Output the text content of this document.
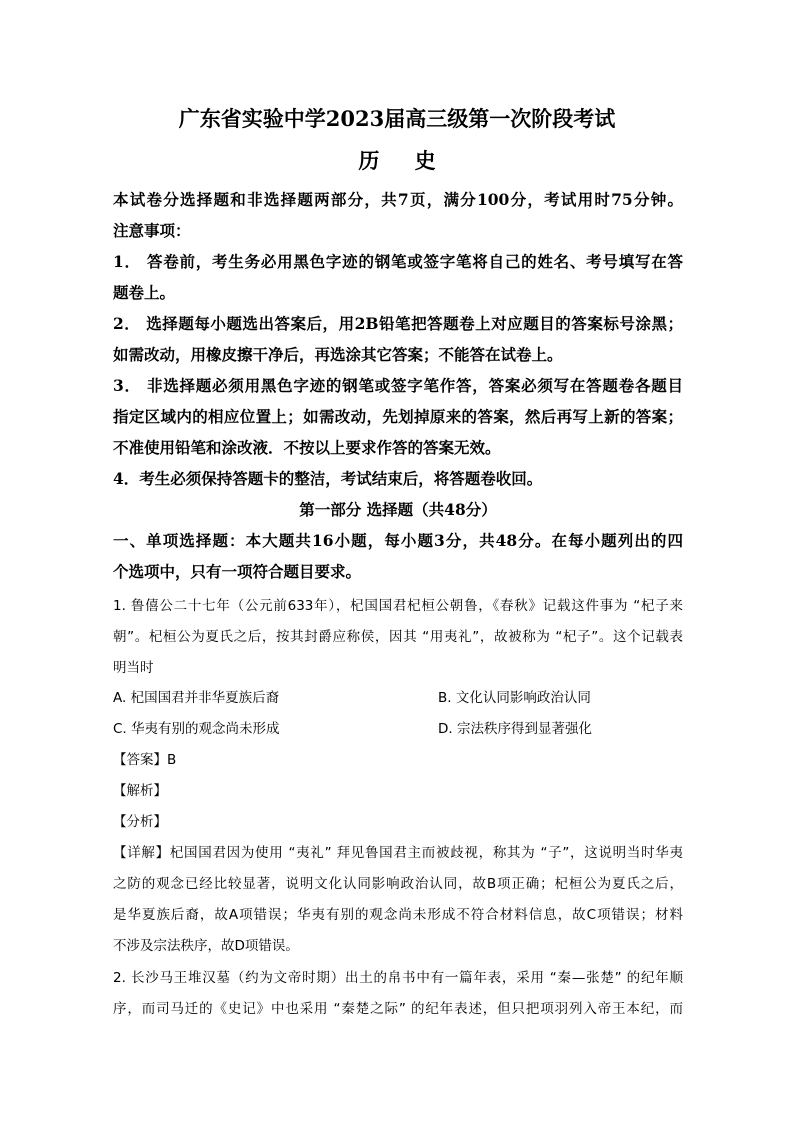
广东省实验中学2023届高三级第一次阶段考试
历 史
本试卷分选择题和非选择题两部分，共7页，满分100分，考试用时75分钟。
注意事项：
1． 答卷前，考生务必用黑色字迹的钢笔或签字笔将自己的姓名、考号填写在答
题卷上。
2． 选择题每小题选出答案后，用2B铅笔把答题卷上对应题目的答案标号涂黑；
如需改动，用橡皮擦干净后，再选涂其它答案；不能答在试卷上。
3． 非选择题必须用黑色字迹的钢笔或签字笔作答，答案必须写在答题卷各题目
指定区域内的相应位置上；如需改动，先划掉原来的答案，然后再写上新的答案；
不准使用铅笔和涂改液．不按以上要求作答的答案无效。
4．考生必须保持答题卡的整洁，考试结束后，将答题卷收回。
第一部分 选择题（共48分）
一、单项选择题：本大题共16小题，每小题3分，共48分。在每小题列出的四
个选项中，只有一项符合题目要求。
1. 鲁僖公二十七年（公元前633年），杞国国君杞桓公朝鲁，《春秋》记载这件事为 “杞子来
朝”。杞桓公为夏氏之后，按其封爵应称侯，因其 “用夷礼”，故被称为 “杞子”。这个记载表
明当时
A. 杞国国君并非华夏族后裔	B. 文化认同影响政治认同
C. 华夷有别的观念尚未形成	D. 宗法秩序得到显著强化
【答案】B
【解析】
【分析】
【详解】杞国国君因为使用 “夷礼” 拜见鲁国君主而被歧视，称其为 “子”，这说明当时华夷
之防的观念已经比较显著，说明文化认同影响政治认同，故B项正确；杞桓公为夏氏之后，
是华夏族后裔，故A项错误；华夷有别的观念尚未形成不符合材料信息，故C项错误；材料
不涉及宗法秩序，故D项错误。
2. 长沙马王堆汉墓（约为文帝时期）出土的帛书中有一篇年表，采用 “秦—张楚” 的纪年顺
序，而司马迁的《史记》中也采用 “秦楚之际” 的纪年表述，但只把项羽列入帝王本纪，而
